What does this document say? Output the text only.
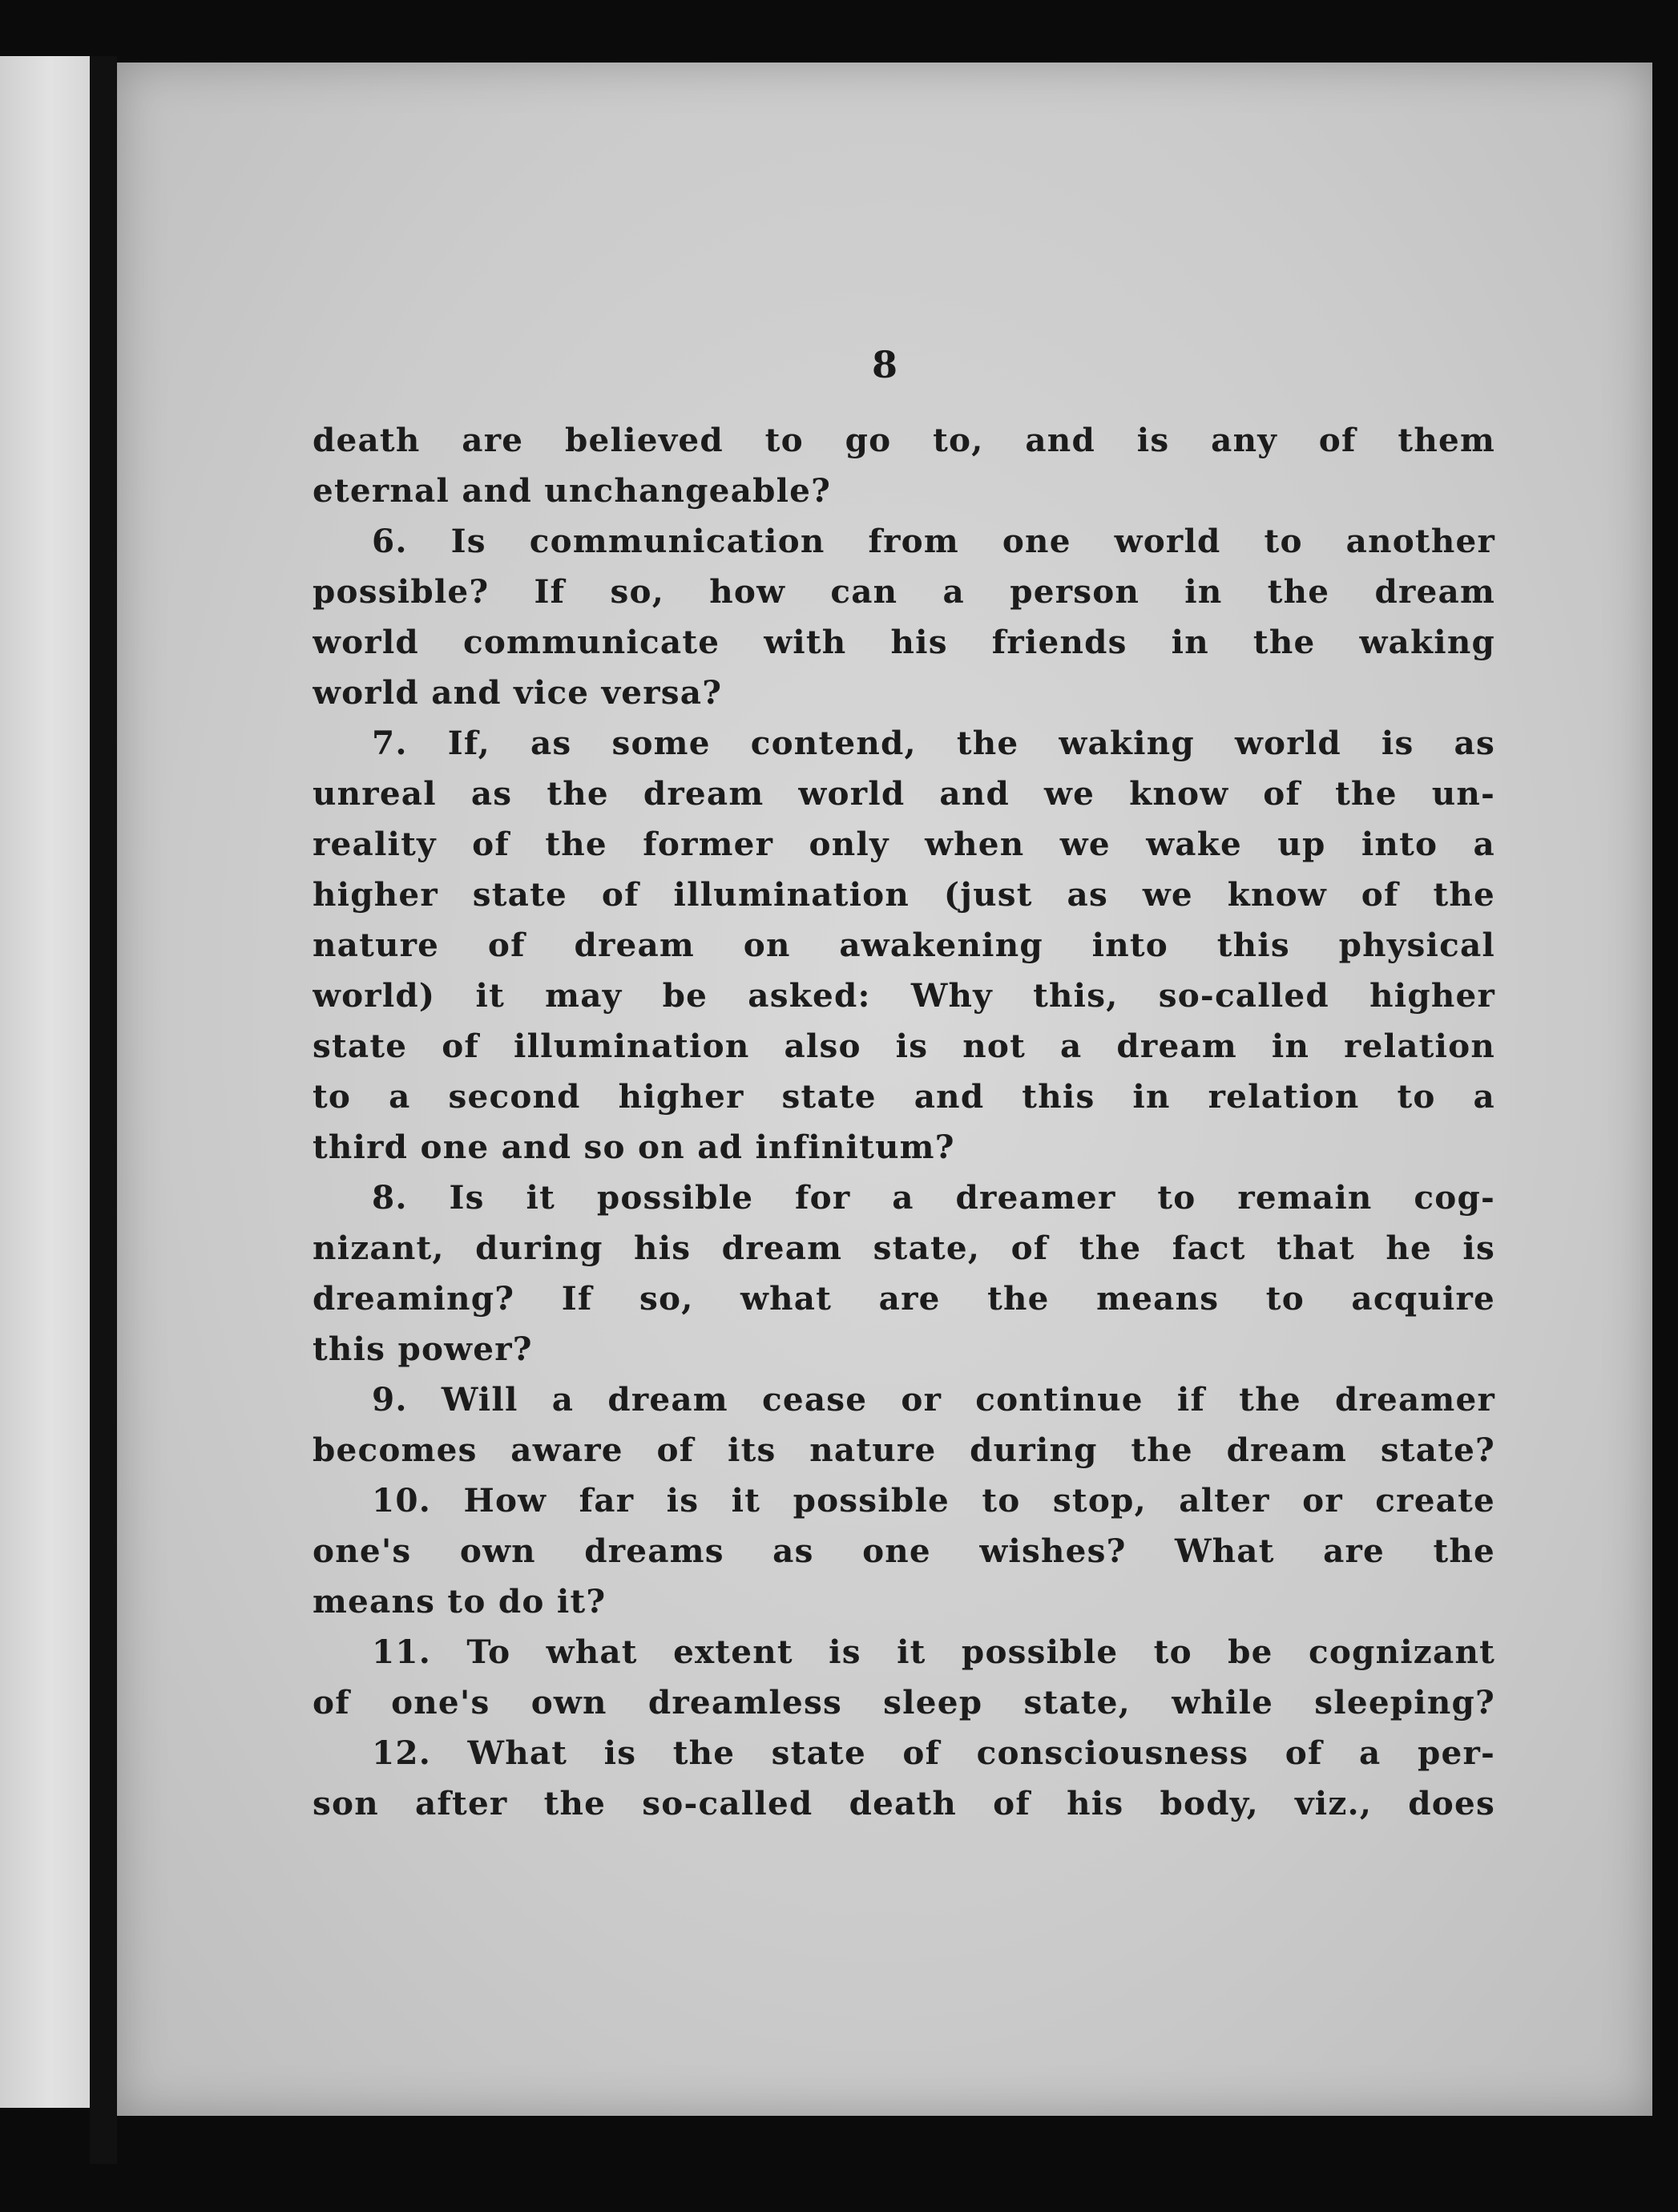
8

death are believed to go to, and is any of them
eternal and unchangeable?
6. Is communication from one world to another
possible? If so, how can a person in the dream
world communicate with his friends in the waking
world and vice versa?
7. If, as some contend, the waking world is as
unreal as the dream world and we know of the un-
reality of the former only when we wake up into a
higher state of illumination (just as we know of the
nature of dream on awakening into this physical
world) it may be asked: Why this, so-called higher
state of illumination also is not a dream in relation
to a second higher state and this in relation to a
third one and so on ad infinitum?
8. Is it possible for a dreamer to remain cog-
nizant, during his dream state, of the fact that he is
dreaming? If so, what are the means to acquire
this power?
9. Will a dream cease or continue if the dreamer
becomes aware of its nature during the dream state?
10. How far is it possible to stop, alter or create
one's own dreams as one wishes? What are the
means to do it?
11. To what extent is it possible to be cognizant
of one's own dreamless sleep state, while sleeping?
12. What is the state of consciousness of a per-
son after the so-called death of his body, viz., does
